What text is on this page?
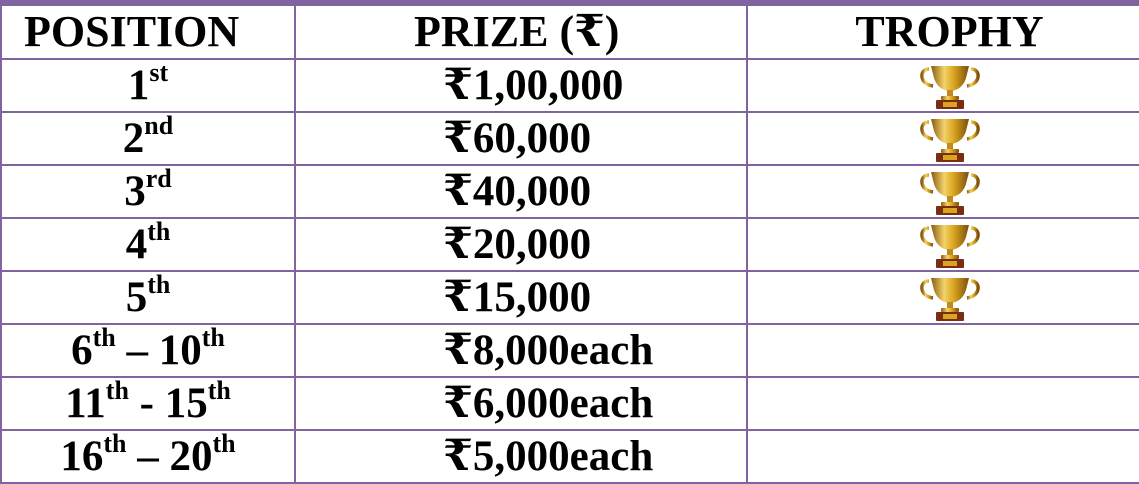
POSITION	PRIZE (₹)	TROPHY
1st	₹1,00,000	
2nd	₹60,000	
3rd	₹40,000	
4th	₹20,000	
5th	₹15,000	
6th – 10th	₹8,000each	
11th - 15th	₹6,000each	
16th – 20th	₹5,000each	
